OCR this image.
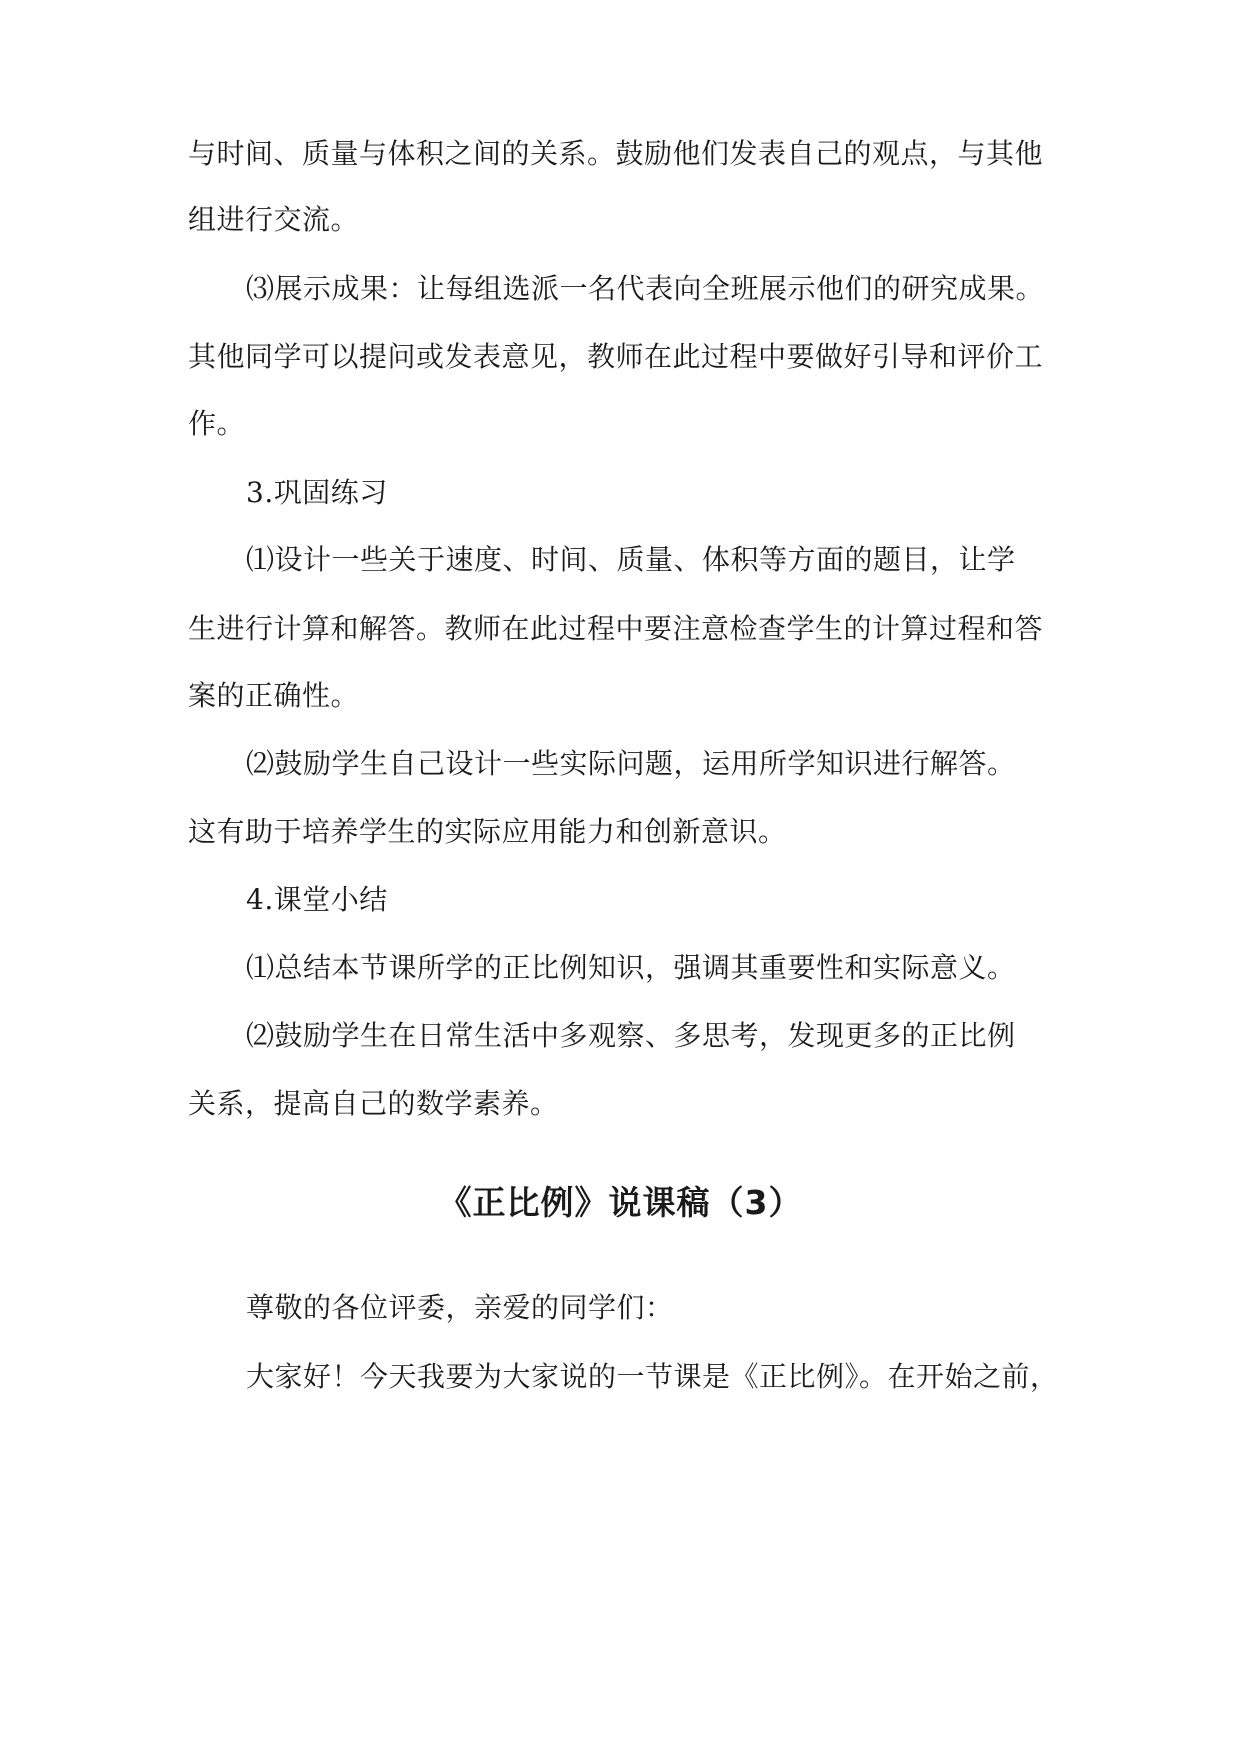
与时间、质量与体积之间的关系。鼓励他们发表自己的观点，与其他
组进行交流。
⑶展示成果：让每组选派一名代表向全班展示他们的研究成果。
其他同学可以提问或发表意见，教师在此过程中要做好引导和评价工
作。
3.巩固练习
⑴设计一些关于速度、时间、质量、体积等方面的题目，让学
生进行计算和解答。教师在此过程中要注意检查学生的计算过程和答
案的正确性。
⑵鼓励学生自己设计一些实际问题，运用所学知识进行解答。
这有助于培养学生的实际应用能力和创新意识。
4.课堂小结
⑴总结本节课所学的正比例知识，强调其重要性和实际意义。
⑵鼓励学生在日常生活中多观察、多思考，发现更多的正比例
关系，提高自己的数学素养。
《正比例》说课稿（3）
尊敬的各位评委，亲爱的同学们：
大家好！今天我要为大家说的一节课是《正比例》。在开始之前，
